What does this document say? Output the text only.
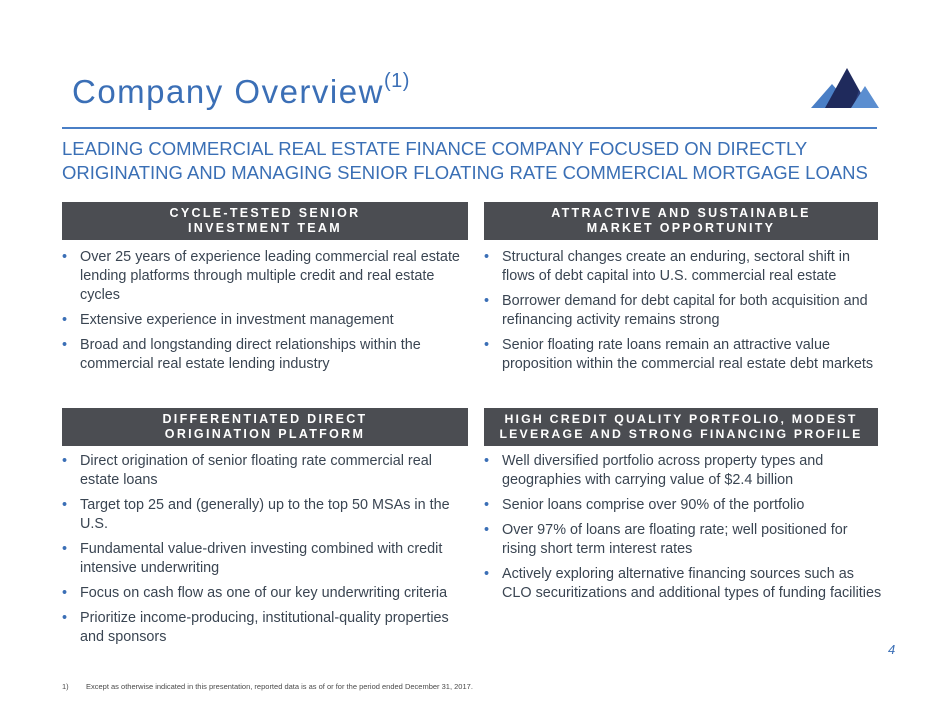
Company Overview$^{(1)}$
LEADING COMMERCIAL REAL ESTATE FINANCE COMPANY FOCUSED ON DIRECTLY ORIGINATING AND MANAGING SENIOR FLOATING RATE COMMERCIAL MORTGAGE LOANS
CYCLE-TESTED SENIOR
INVESTMENT TEAM
• Over 25 years of experience leading commercial real estate lending platforms through multiple credit and real estate cycles
• Extensive experience in investment management
• Broad and longstanding direct relationships within the commercial real estate lending industry
ATTRACTIVE AND SUSTAINABLE
MARKET OPPORTUNITY
• Structural changes create an enduring, sectoral shift in flows of debt capital into U.S. commercial real estate
• Borrower demand for debt capital for both acquisition and refinancing activity remains strong
• Senior floating rate loans remain an attractive value proposition within the commercial real estate debt markets
DIFFERENTIATED DIRECT
ORIGINATION PLATFORM
• Direct origination of senior floating rate commercial real estate loans
• Target top 25 and (generally) up to the top 50 MSAs in the U.S.
• Fundamental value-driven investing combined with credit intensive underwriting
• Focus on cash flow as one of our key underwriting criteria
• Prioritize income-producing, institutional-quality properties and sponsors
HIGH CREDIT QUALITY PORTFOLIO, MODEST
LEVERAGE AND STRONG FINANCING PROFILE
• Well diversified portfolio across property types and geographies with carrying value of $2.4 billion
• Senior loans comprise over 90% of the portfolio
• Over 97% of loans are floating rate; well positioned for rising short term interest rates
• Actively exploring alternative financing sources such as CLO securitizations and additional types of funding facilities
4
1) Except as otherwise indicated in this presentation, reported data is as of or for the period ended December 31, 2017.
